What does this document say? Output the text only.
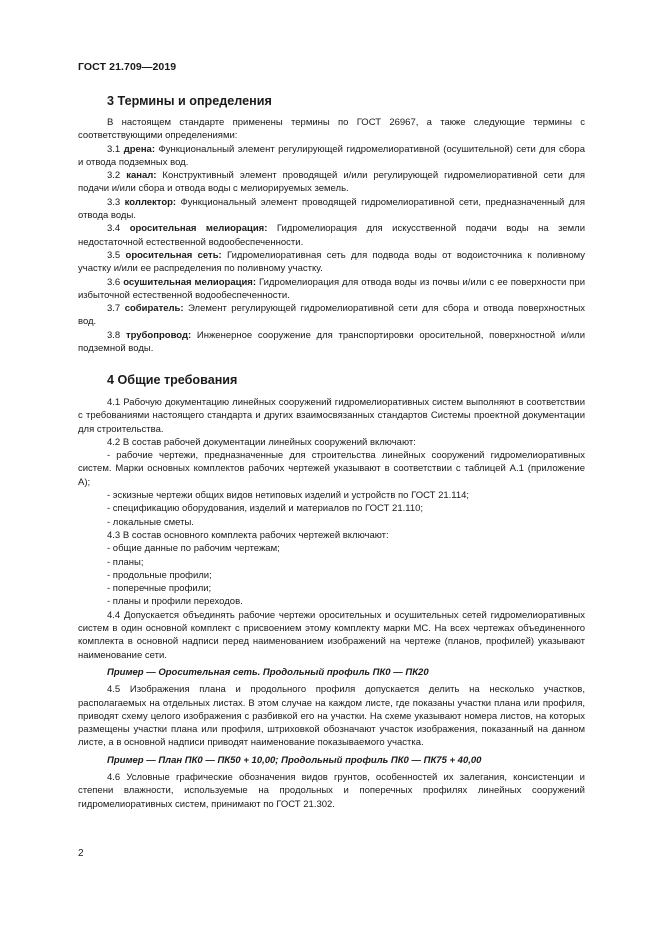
ГОСТ 21.709—2019
3 Термины и определения

В настоящем стандарте применены термины по ГОСТ 26967, а также следующие термины с соответствующими определениями:

3.1 дрена: Функциональный элемент регулирующей гидромелиоративной (осушительной) сети для сбора и отвода подземных вод.

3.2 канал: Конструктивный элемент проводящей и/или регулирующей гидромелиоративной сети для подачи и/или сбора и отвода воды с мелиорируемых земель.

3.3 коллектор: Функциональный элемент проводящей гидромелиоративной сети, предназначенный для отвода воды.

3.4 оросительная мелиорация: Гидромелиорация для искусственной подачи воды на земли недостаточной естественной водообеспеченности.

3.5 оросительная сеть: Гидромелиоративная сеть для подвода воды от водоисточника к поливному участку и/или ее распределения по поливному участку.

3.6 осушительная мелиорация: Гидромелиорация для отвода воды из почвы и/или с ее поверхности при избыточной естественной водообеспеченности.

3.7 собиратель: Элемент регулирующей гидромелиоративной сети для сбора и отвода поверхностных вод.

3.8 трубопровод: Инженерное сооружение для транспортировки оросительной, поверхностной и/или подземной воды.

4 Общие требования

4.1 Рабочую документацию линейных сооружений гидромелиоративных систем выполняют в соответствии с требованиями настоящего стандарта и других взаимосвязанных стандартов Системы проектной документации для строительства.

4.2 В состав рабочей документации линейных сооружений включают:

- рабочие чертежи, предназначенные для строительства линейных сооружений гидромелиоративных систем. Марки основных комплектов рабочих чертежей указывают в соответствии с таблицей А.1 (приложение А);

- эскизные чертежи общих видов нетиповых изделий и устройств по ГОСТ 21.114;

- спецификацию оборудования, изделий и материалов по ГОСТ 21.110;

- локальные сметы.

4.3 В состав основного комплекта рабочих чертежей включают:

- общие данные по рабочим чертежам;

- планы;

- продольные профили;

- поперечные профили;

- планы и профили переходов.

4.4 Допускается объединять рабочие чертежи оросительных и осушительных сетей гидромелиоративных систем в один основной комплект с присвоением этому комплекту марки МС. На всех чертежах объединенного комплекта в основной надписи перед наименованием изображений на чертеже (планов, профилей) указывают наименование сети.

Пример — Оросительная сеть. Продольный профиль ПК0 — ПК20

4.5 Изображения плана и продольного профиля допускается делить на несколько участков, располагаемых на отдельных листах. В этом случае на каждом листе, где показаны участки плана или профиля, приводят схему целого изображения с разбивкой его на участки. На схеме указывают номера листов, на которых размещены участки плана или профиля, штриховкой обозначают участок изображения, показанный на данном листе, а в основной надписи приводят наименование показываемого участка.

Пример — План ПК0 — ПК50 + 10,00; Продольный профиль ПК0 — ПК75 + 40,00

4.6 Условные графические обозначения видов грунтов, особенностей их залегания, консистенции и степени влажности, используемые на продольных и поперечных профилях линейных сооружений гидромелиоративных систем, принимают по ГОСТ 21.302.

2
